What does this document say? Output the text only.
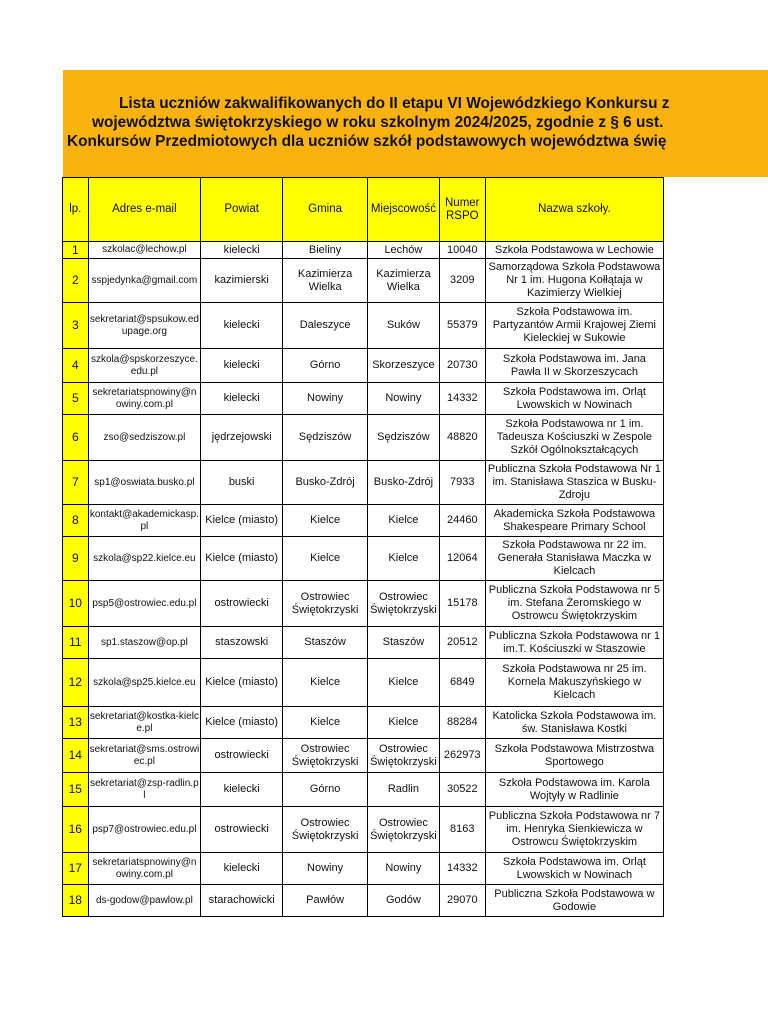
Lista uczniów zakwalifikowanych do II etapu VI Wojewódzkiego Konkursu z
województwa świętokrzyskiego w roku szkolnym 2024/2025, zgodnie z § 6 ust.
Konkursów Przedmiotowych dla uczniów szkół podstawowych województwa świę
lp.	Adres e-mail	Powiat	Gmina	Miejscowość	Numer RSPO	Nazwa szkoły.
1	szkolac@lechow.pl	kielecki	Bieliny	Lechów	10040	Szkoła Podstawowa w Lechowie
2	sspjedynka@gmail.com	kazimierski	Kazimierza Wielka	Kazimierza Wielka	3209	Samorządowa Szkoła Podstawowa Nr 1 im. Hugona Kołłątaja w Kazimierzy Wielkiej
3	sekretariat@spsukow.edupage.org	kielecki	Daleszyce	Suków	55379	Szkoła Podstawowa im. Partyzantów Armii Krajowej Ziemi Kieleckiej w Sukowie
4	szkola@spskorzeszyce.edu.pl	kielecki	Górno	Skorzeszyce	20730	Szkoła Podstawowa im. Jana Pawła II w Skorzeszycach
5	sekretariatspnowiny@nowiny.com.pl	kielecki	Nowiny	Nowiny	14332	Szkoła Podstawowa im. Orląt Lwowskich w Nowinach
6	zso@sedziszow.pl	jędrzejowski	Sędziszów	Sędziszów	48820	Szkoła Podstawowa nr 1 im. Tadeusza Kościuszki w Zespole Szkół Ogólnokształcących
7	sp1@oswiata.busko.pl	buski	Busko-Zdrój	Busko-Zdrój	7933	Publiczna Szkoła Podstawowa Nr 1 im. Stanisława Staszica w Busku-Zdroju
8	kontakt@akademickasp.pl	Kielce (miasto)	Kielce	Kielce	24460	Akademicka Szkoła Podstawowa Shakespeare Primary School
9	szkola@sp22.kielce.eu	Kielce (miasto)	Kielce	Kielce	12064	Szkoła Podstawowa nr 22 im. Generała Stanisława Maczka w Kielcach
10	psp5@ostrowiec.edu.pl	ostrowiecki	Ostrowiec Świętokrzyski	Ostrowiec Świętokrzyski	15178	Publiczna Szkoła Podstawowa nr 5 im. Stefana Żeromskiego w Ostrowcu Świętokrzyskim
11	sp1.staszow@op.pl	staszowski	Staszów	Staszów	20512	Publiczna Szkoła Podstawowa nr 1 im.T. Kościuszki w Staszowie
12	szkola@sp25.kielce.eu	Kielce (miasto)	Kielce	Kielce	6849	Szkoła Podstawowa nr 25 im. Kornela Makuszyńskiego w Kielcach
13	sekretariat@kostka-kielce.pl	Kielce (miasto)	Kielce	Kielce	88284	Katolicka Szkoła Podstawowa im. św. Stanisława Kostki
14	sekretariat@sms.ostrowiec.pl	ostrowiecki	Ostrowiec Świętokrzyski	Ostrowiec Świętokrzyski	262973	Szkoła Podstawowa Mistrzostwa Sportowego
15	sekretariat@zsp-radlin.pl	kielecki	Górno	Radlin	30522	Szkoła Podstawowa im. Karola Wojtyły w Radlinie
16	psp7@ostrowiec.edu.pl	ostrowiecki	Ostrowiec Świętokrzyski	Ostrowiec Świętokrzyski	8163	Publiczna Szkoła Podstawowa nr 7 im. Henryka Sienkiewicza w Ostrowcu Świętokrzyskim
17	sekretariatspnowiny@nowiny.com.pl	kielecki	Nowiny	Nowiny	14332	Szkoła Podstawowa im. Orląt Lwowskich w Nowinach
18	ds-godow@pawlow.pl	starachowicki	Pawłów	Godów	29070	Publiczna Szkoła Podstawowa w Godowie
